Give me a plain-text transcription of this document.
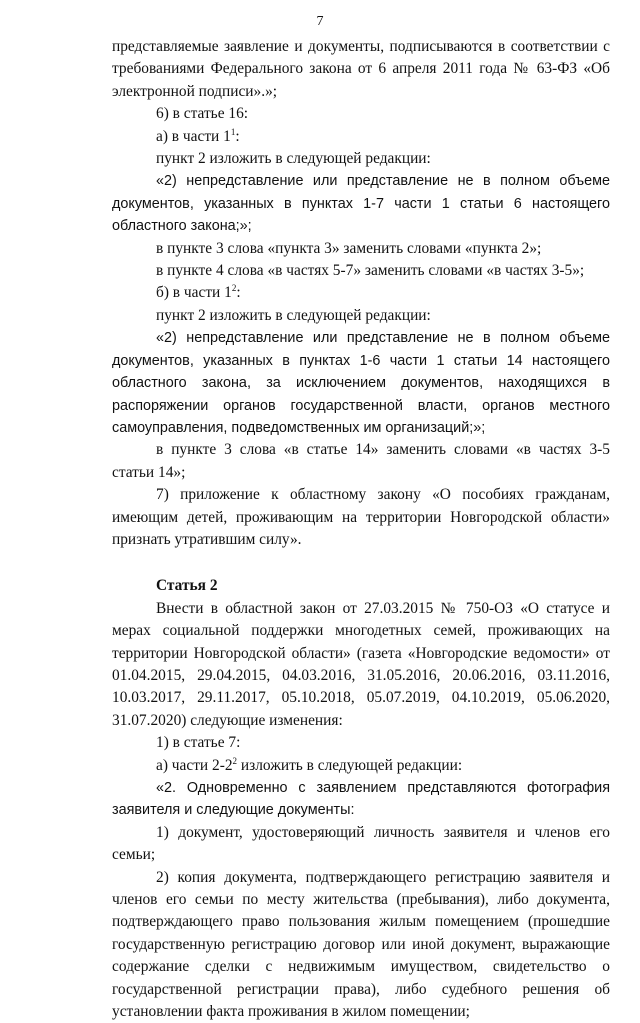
7

представляемые заявление и документы, подписываются в соответствии с требованиями Федерального закона от 6 апреля 2011 года № 63-ФЗ «Об электронной подписи».»;

6) в статье 16:

а) в части $1^1$:

пункт 2 изложить в следующей редакции:

«2) непредставление или представление не в полном объеме документов, указанных в пунктах 1-7 части 1 статьи 6 настоящего областного закона;»;

в пункте 3 слова «пункта 3» заменить словами «пункта 2»;

в пункте 4 слова «в частях 5-7» заменить словами «в частях 3-5»;

б) в части $1^2$:

пункт 2 изложить в следующей редакции:

«2) непредставление или представление не в полном объеме документов, указанных в пунктах 1-6 части 1 статьи 14 настоящего областного закона, за исключением документов, находящихся в распоряжении органов государственной власти, органов местного самоуправления, подведомственных им организаций;»;

в пункте 3 слова «в статье 14» заменить словами «в частях 3-5 статьи 14»;

7) приложение к областному закону «О пособиях гражданам, имеющим детей, проживающим на территории Новгородской области» признать утратившим силу».

Статья 2

Внести в областной закон от 27.03.2015 № 750-ОЗ «О статусе и мерах социальной поддержки многодетных семей, проживающих на территории Новгородской области» (газета «Новгородские ведомости» от 01.04.2015, 29.04.2015, 04.03.2016, 31.05.2016, 20.06.2016, 03.11.2016, 10.03.2017, 29.11.2017, 05.10.2018, 05.07.2019, 04.10.2019, 05.06.2020, 31.07.2020) следующие изменения:

1) в статье 7:

а) части $2-2^2$ изложить в следующей редакции:

«2. Одновременно с заявлением представляются фотография заявителя и следующие документы:

1) документ, удостоверяющий личность заявителя и членов его семьи;

2) копия документа, подтверждающего регистрацию заявителя и членов его семьи по месту жительства (пребывания), либо документа, подтверждающего право пользования жилым помещением (прошедшие государственную регистрацию договор или иной документ, выражающие содержание сделки с недвижимым имуществом, свидетельство о государственной регистрации права), либо судебного решения об установлении факта проживания в жилом помещении;
